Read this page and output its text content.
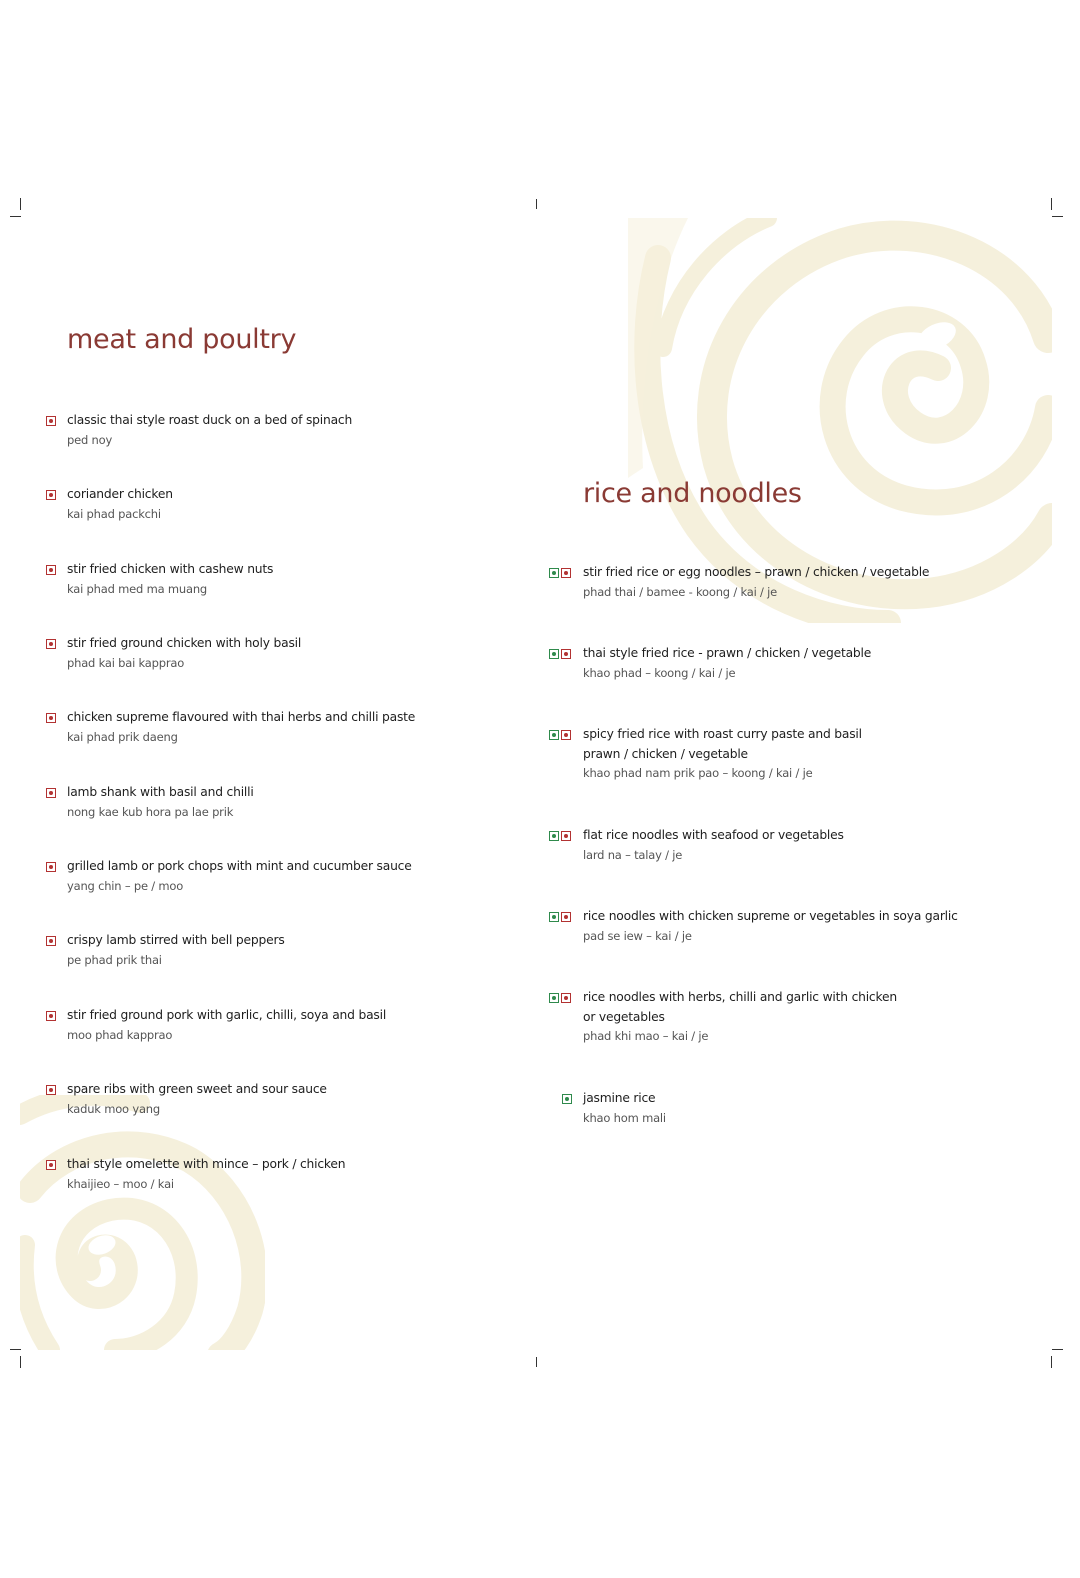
meat and poultry
rice and noodles
classic thai style roast duck on a bed of spinach
ped noy
coriander chicken
kai phad packchi
stir fried chicken with cashew nuts
kai phad med ma muang
stir fried ground chicken with holy basil
phad kai bai kapprao
chicken supreme flavoured with thai herbs and chilli paste
kai phad prik daeng
lamb shank with basil and chilli
nong kae kub hora pa lae prik
grilled lamb or pork chops with mint and cucumber sauce
yang chin – pe / moo
crispy lamb stirred with bell peppers
pe phad prik thai
stir fried ground pork with garlic, chilli, soya and basil
moo phad kapprao
spare ribs with green sweet and sour sauce
kaduk moo yang
thai style omelette with mince – pork / chicken
khaijieo – moo / kai
stir fried rice or egg noodles – prawn / chicken / vegetable
phad thai / bamee - koong / kai / je
thai style fried rice - prawn / chicken / vegetable
khao phad – koong / kai / je
spicy fried rice with roast curry paste and basil
prawn / chicken / vegetable
khao phad nam prik pao – koong / kai / je
flat rice noodles with seafood or vegetables
lard na – talay / je
rice noodles with chicken supreme or vegetables in soya garlic
pad se iew – kai / je
rice noodles with herbs, chilli and garlic with chicken
or vegetables
phad khi mao – kai / je
jasmine rice
khao hom mali
